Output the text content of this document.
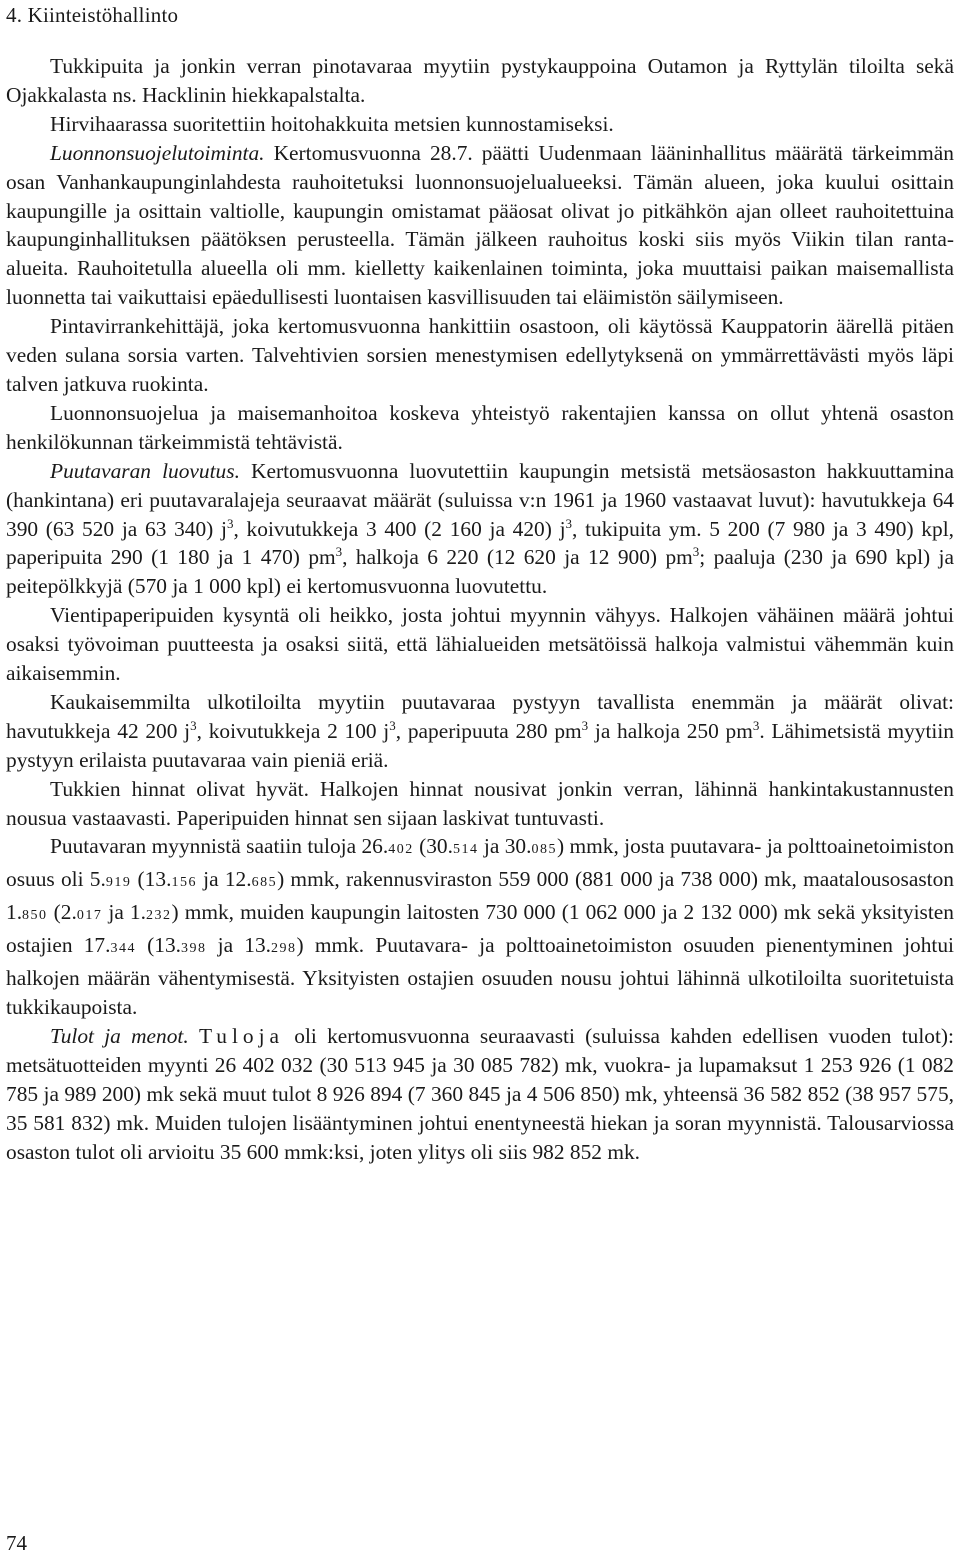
4. Kiinteistöhallinto

Tukkipuita ja jonkin verran pinotavaraa myytiin pystykauppoina Outamon ja Ryttylän tiloilta sekä Ojakkalasta ns. Hacklinin hiekkapalstalta.

Hirvihaarassa suoritettiin hoitohakkuita metsien kunnostamiseksi.

Luonnonsuojelutoiminta. Kertomusvuonna 28.7. päätti Uudenmaan lääninhallitus määrätä tärkeimmän osan Vanhankaupunginlahdesta rauhoitetuksi luonnonsuojelualueeksi. Tämän alueen, joka kuului osittain kaupungille ja osittain valtiolle, kaupungin omistamat pääosat olivat jo pitkähkön ajan olleet rauhoitettuina kaupunginhallituksen päätöksen perusteella. Tämän jälkeen rauhoitus koski siis myös Viikin tilan ranta-alueita. Rauhoitetulla alueella oli mm. kielletty kaikenlainen toiminta, joka muuttaisi paikan maisemallista luonnetta tai vaikuttaisi epäedullisesti luontaisen kasvillisuuden tai eläimistön säilymiseen.

Pintavirrankehittäjä, joka kertomusvuonna hankittiin osastoon, oli käytössä Kauppatorin äärellä pitäen veden sulana sorsia varten. Talvehtivien sorsien menestymisen edellytyksenä on ymmärrettävästi myös läpi talven jatkuva ruokinta.

Luonnonsuojelua ja maisemanhoitoa koskeva yhteistyö rakentajien kanssa on ollut yhtenä osaston henkilökunnan tärkeimmistä tehtävistä.

Puutavaran luovutus. Kertomusvuonna luovutettiin kaupungin metsistä metsäosaston hakkuuttamina (hankintana) eri puutavaralajeja seuraavat määrät (suluissa v:n 1961 ja 1960 vastaavat luvut): havutukkeja 64 390 (63 520 ja 63 340) $j^3$, koivutukkeja 3 400 (2 160 ja 420) $j^3$, tukipuita ym. 5 200 (7 980 ja 3 490) kpl, paperipuita 290 (1 180 ja 1 470) $pm^3$, halkoja 6 220 (12 620 ja 12 900) $pm^3$; paaluja (230 ja 690 kpl) ja peitepölkkyjä (570 ja 1 000 kpl) ei kertomusvuonna luovutettu.

Vientipaperipuiden kysyntä oli heikko, josta johtui myynnin vähyys. Halkojen vähäinen määrä johtui osaksi työvoiman puutteesta ja osaksi siitä, että lähialueiden metsätöissä halkoja valmistui vähemmän kuin aikaisemmin.

Kaukaisemmilta ulkotiloilta myytiin puutavaraa pystyyn tavallista enemmän ja määrät olivat: havutukkeja 42 200 $j^3$, koivutukkeja 2 100 $j^3$, paperipuuta 280 $pm^3$ ja halkoja 250 $pm^3$. Lähimetsistä myytiin pystyyn erilaista puutavaraa vain pieniä eriä.

Tukkien hinnat olivat hyvät. Halkojen hinnat nousivat jonkin verran, lähinnä hankintakustannusten nousua vastaavasti. Paperipuiden hinnat sen sijaan laskivat tuntuvasti.

Puutavaran myynnistä saatiin tuloja 26.402 (30.514 ja 30.085) mmk, josta puutavara- ja polttoainetoimiston osuus oli 5.919 (13.156 ja 12.685) mmk, rakennusviraston 559 000 (881 000 ja 738 000) mk, maatalousosaston 1.850 (2.017 ja 1.232) mmk, muiden kaupungin laitosten 730 000 (1 062 000 ja 2 132 000) mk sekä yksityisten ostajien 17.344 (13.398 ja 13.298) mmk. Puutavara- ja polttoainetoimiston osuuden pienentyminen johtui halkojen määrän vähentymisestä. Yksityisten ostajien osuuden nousu johtui lähinnä ulkotiloilta suoritetuista tukkikaupoista.

Tulot ja menot. Tuloja oli kertomusvuonna seuraavasti (suluissa kahden edellisen vuoden tulot): metsätuotteiden myynti 26 402 032 (30 513 945 ja 30 085 782) mk, vuokra- ja lupamaksut 1 253 926 (1 082 785 ja 989 200) mk sekä muut tulot 8 926 894 (7 360 845 ja 4 506 850) mk, yhteensä 36 582 852 (38 957 575, 35 581 832) mk. Muiden tulojen lisääntyminen johtui enentyneestä hiekan ja soran myynnistä. Talousarviossa osaston tulot oli arvioitu 35 600 mmk:ksi, joten ylitys oli siis 982 852 mk.

74
